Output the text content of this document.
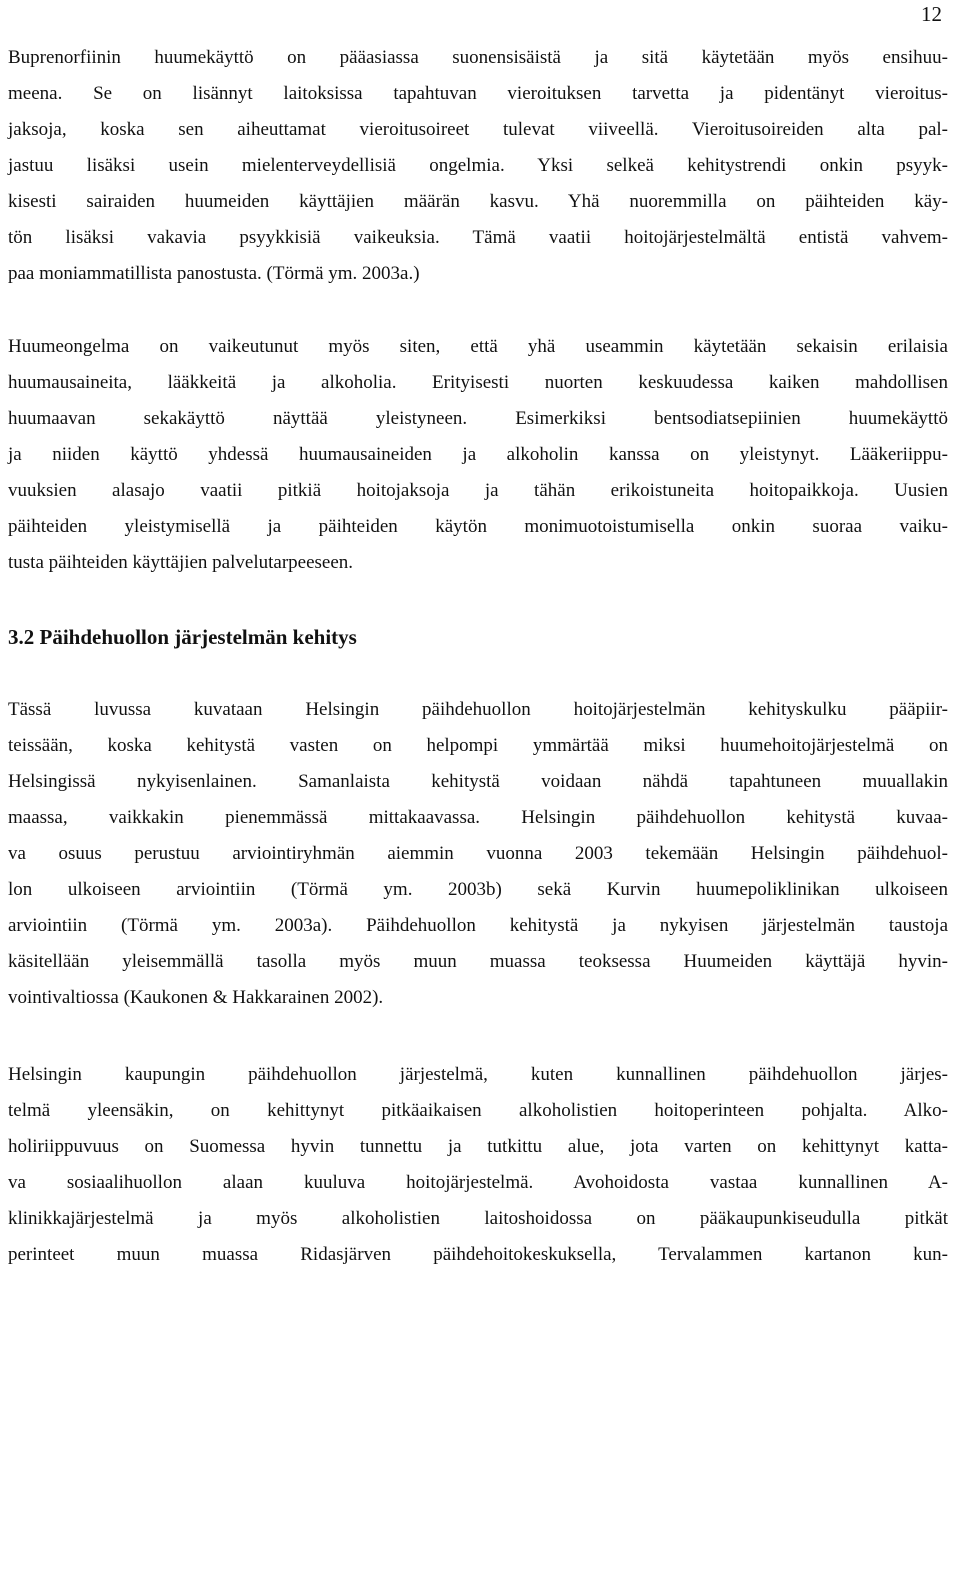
12

Buprenorfiinin huumekäyttö on pääasiassa suonensisäistä ja sitä käytetään myös ensihuu-
meena. Se on lisännyt laitoksissa tapahtuvan vieroituksen tarvetta ja pidentänyt vieroitus-
jaksoja, koska sen aiheuttamat vieroitusoireet tulevat viiveellä. Vieroitusoireiden alta pal-
jastuu lisäksi usein mielenterveydellisiä ongelmia. Yksi selkeä kehitystrendi onkin psyyk-
kisesti sairaiden huumeiden käyttäjien määrän kasvu. Yhä nuoremmilla on päihteiden käy-
tön lisäksi vakavia psyykkisiä vaikeuksia. Tämä vaatii hoitojärjestelmältä entistä vahvem-
paa moniammatillista panostusta. (Törmä ym. 2003a.)

Huumeongelma on vaikeutunut myös siten, että yhä useammin käytetään sekaisin erilaisia
huumausaineita, lääkkeitä ja alkoholia. Erityisesti nuorten keskuudessa kaiken mahdollisen
huumaavan sekakäyttö näyttää yleistyneen. Esimerkiksi bentsodiatsepiinien huumekäyttö
ja niiden käyttö yhdessä huumausaineiden ja alkoholin kanssa on yleistynyt. Lääkeriippu-
vuuksien alasajo vaatii pitkiä hoitojaksoja ja tähän erikoistuneita hoitopaikkoja. Uusien
päihteiden yleistymisellä ja päihteiden käytön monimuotoistumisella onkin suoraa vaiku-
tusta päihteiden käyttäjien palvelutarpeeseen.

3.2 Päihdehuollon järjestelmän kehitys

Tässä luvussa kuvataan Helsingin päihdehuollon hoitojärjestelmän kehityskulku pääpiir-
teissään, koska kehitystä vasten on helpompi ymmärtää miksi huumehoitojärjestelmä on
Helsingissä nykyisenlainen. Samanlaista kehitystä voidaan nähdä tapahtuneen muuallakin
maassa, vaikkakin pienemmässä mittakaavassa. Helsingin päihdehuollon kehitystä kuvaa-
va osuus perustuu arviointiryhmän aiemmin vuonna 2003 tekemään Helsingin päihdehuol-
lon ulkoiseen arviointiin (Törmä ym. 2003b) sekä Kurvin huumepoliklinikan ulkoiseen
arviointiin (Törmä ym. 2003a). Päihdehuollon kehitystä ja nykyisen järjestelmän taustoja
käsitellään yleisemmällä tasolla myös muun muassa teoksessa Huumeiden käyttäjä hyvin-
vointivaltiossa (Kaukonen & Hakkarainen 2002).

Helsingin kaupungin päihdehuollon järjestelmä, kuten kunnallinen päihdehuollon järjes-
telmä yleensäkin, on kehittynyt pitkäaikaisen alkoholistien hoitoperinteen pohjalta. Alko-
holiriippuvuus on Suomessa hyvin tunnettu ja tutkittu alue, jota varten on kehittynyt katta-
va sosiaalihuollon alaan kuuluva hoitojärjestelmä. Avohoidosta vastaa kunnallinen A-
klinikkajärjestelmä ja myös alkoholistien laitoshoidossa on pääkaupunkiseudulla pitkät
perinteet muun muassa Ridasjärven päihdehoitokeskuksella, Tervalammen kartanon kun-
